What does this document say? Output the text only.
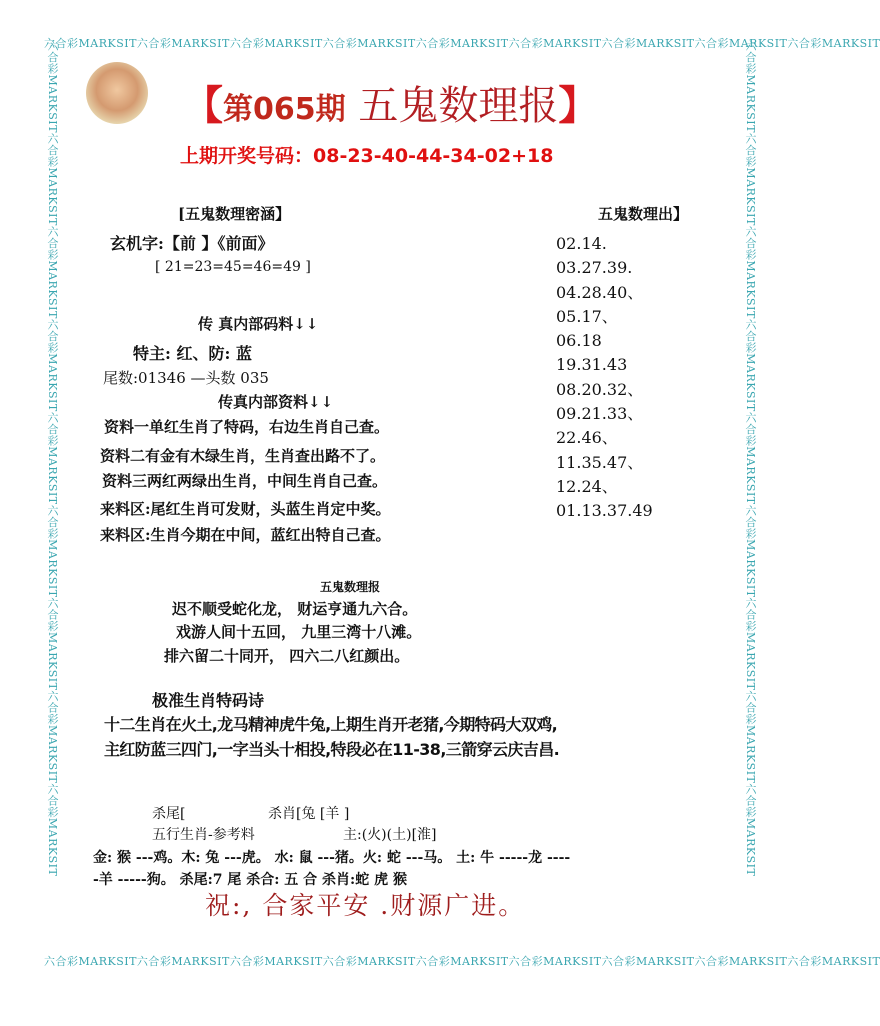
六合彩MARKSIT六合彩MARKSIT六合彩MARKSIT六合彩MARKSIT六合彩MARKSIT六合彩MARKSIT六合彩MARKSIT六合彩MARKSIT六合彩MARKSIT
六合彩MARKSIT六合彩MARKSIT六合彩MARKSIT六合彩MARKSIT六合彩MARKSIT六合彩MARKSIT六合彩MARKSIT六合彩MARKSIT六合彩MARKSIT
六合彩MARKSIT六合彩MARKSIT六合彩MARKSIT六合彩MARKSIT六合彩MARKSIT六合彩MARKSIT六合彩MARKSIT六合彩MARKSIT六合彩MARKSIT	六合彩MARKSIT六合彩MARKSIT六合彩MARKSIT六合彩MARKSIT六合彩MARKSIT六合彩MARKSIT六合彩MARKSIT六合彩MARKSIT六合彩MARKSIT
【第065期 五鬼数理报】
上期开奖号码：08-23-40-44-34-02+18
[五鬼数理密涵】
玄机字:【前 】《前面》
[ 21=23=45=46=49 ]
传 真内部码料↓↓
特主: 红、防: 蓝
尾数:01346 —头数 035
传真内部资料↓↓
资料一单红生肖了特码，右边生肖自己查。
资料二有金有木绿生肖，生肖查出路不了。
资料三两红两绿出生肖，中间生肖自己查。
来料区:尾红生肖可发财，头蓝生肖定中奖。
来料区:生肖今期在中间，蓝红出特自己查。
五鬼数理出】
02.14.
03.27.39.
04.28.40、
05.17、
06.18
19.31.43
08.20.32、
09.21.33、
22.46、
11.35.47、
12.24、
01.13.37.49
五鬼数理报
迟不顺受蛇化龙， 财运亨通九六合。
戏游人间十五回， 九里三湾十八滩。
排六留二十同开， 四六二八红颜出。
极准生肖特码诗
十二生肖在火土,龙马精神虎牛兔,上期生肖开老猪,今期特码大双鸡,
主红防蓝三四门,一字当头十相投,特段必在11-38,三箭穿云庆吉昌.
杀尾[	杀肖[兔 [羊 ]
五行生肖-参考料	主:(火)(土)[淮]
金: 猴 ---鸡。木: 兔 ---虎。 水: 鼠 ---猪。火: 蛇 ---马。 土: 牛 -----龙 ----
-羊 -----狗。 杀尾:7 尾 杀合: 五 合 杀肖:蛇 虎 猴
祝:, 合家平安 .财源广进。
